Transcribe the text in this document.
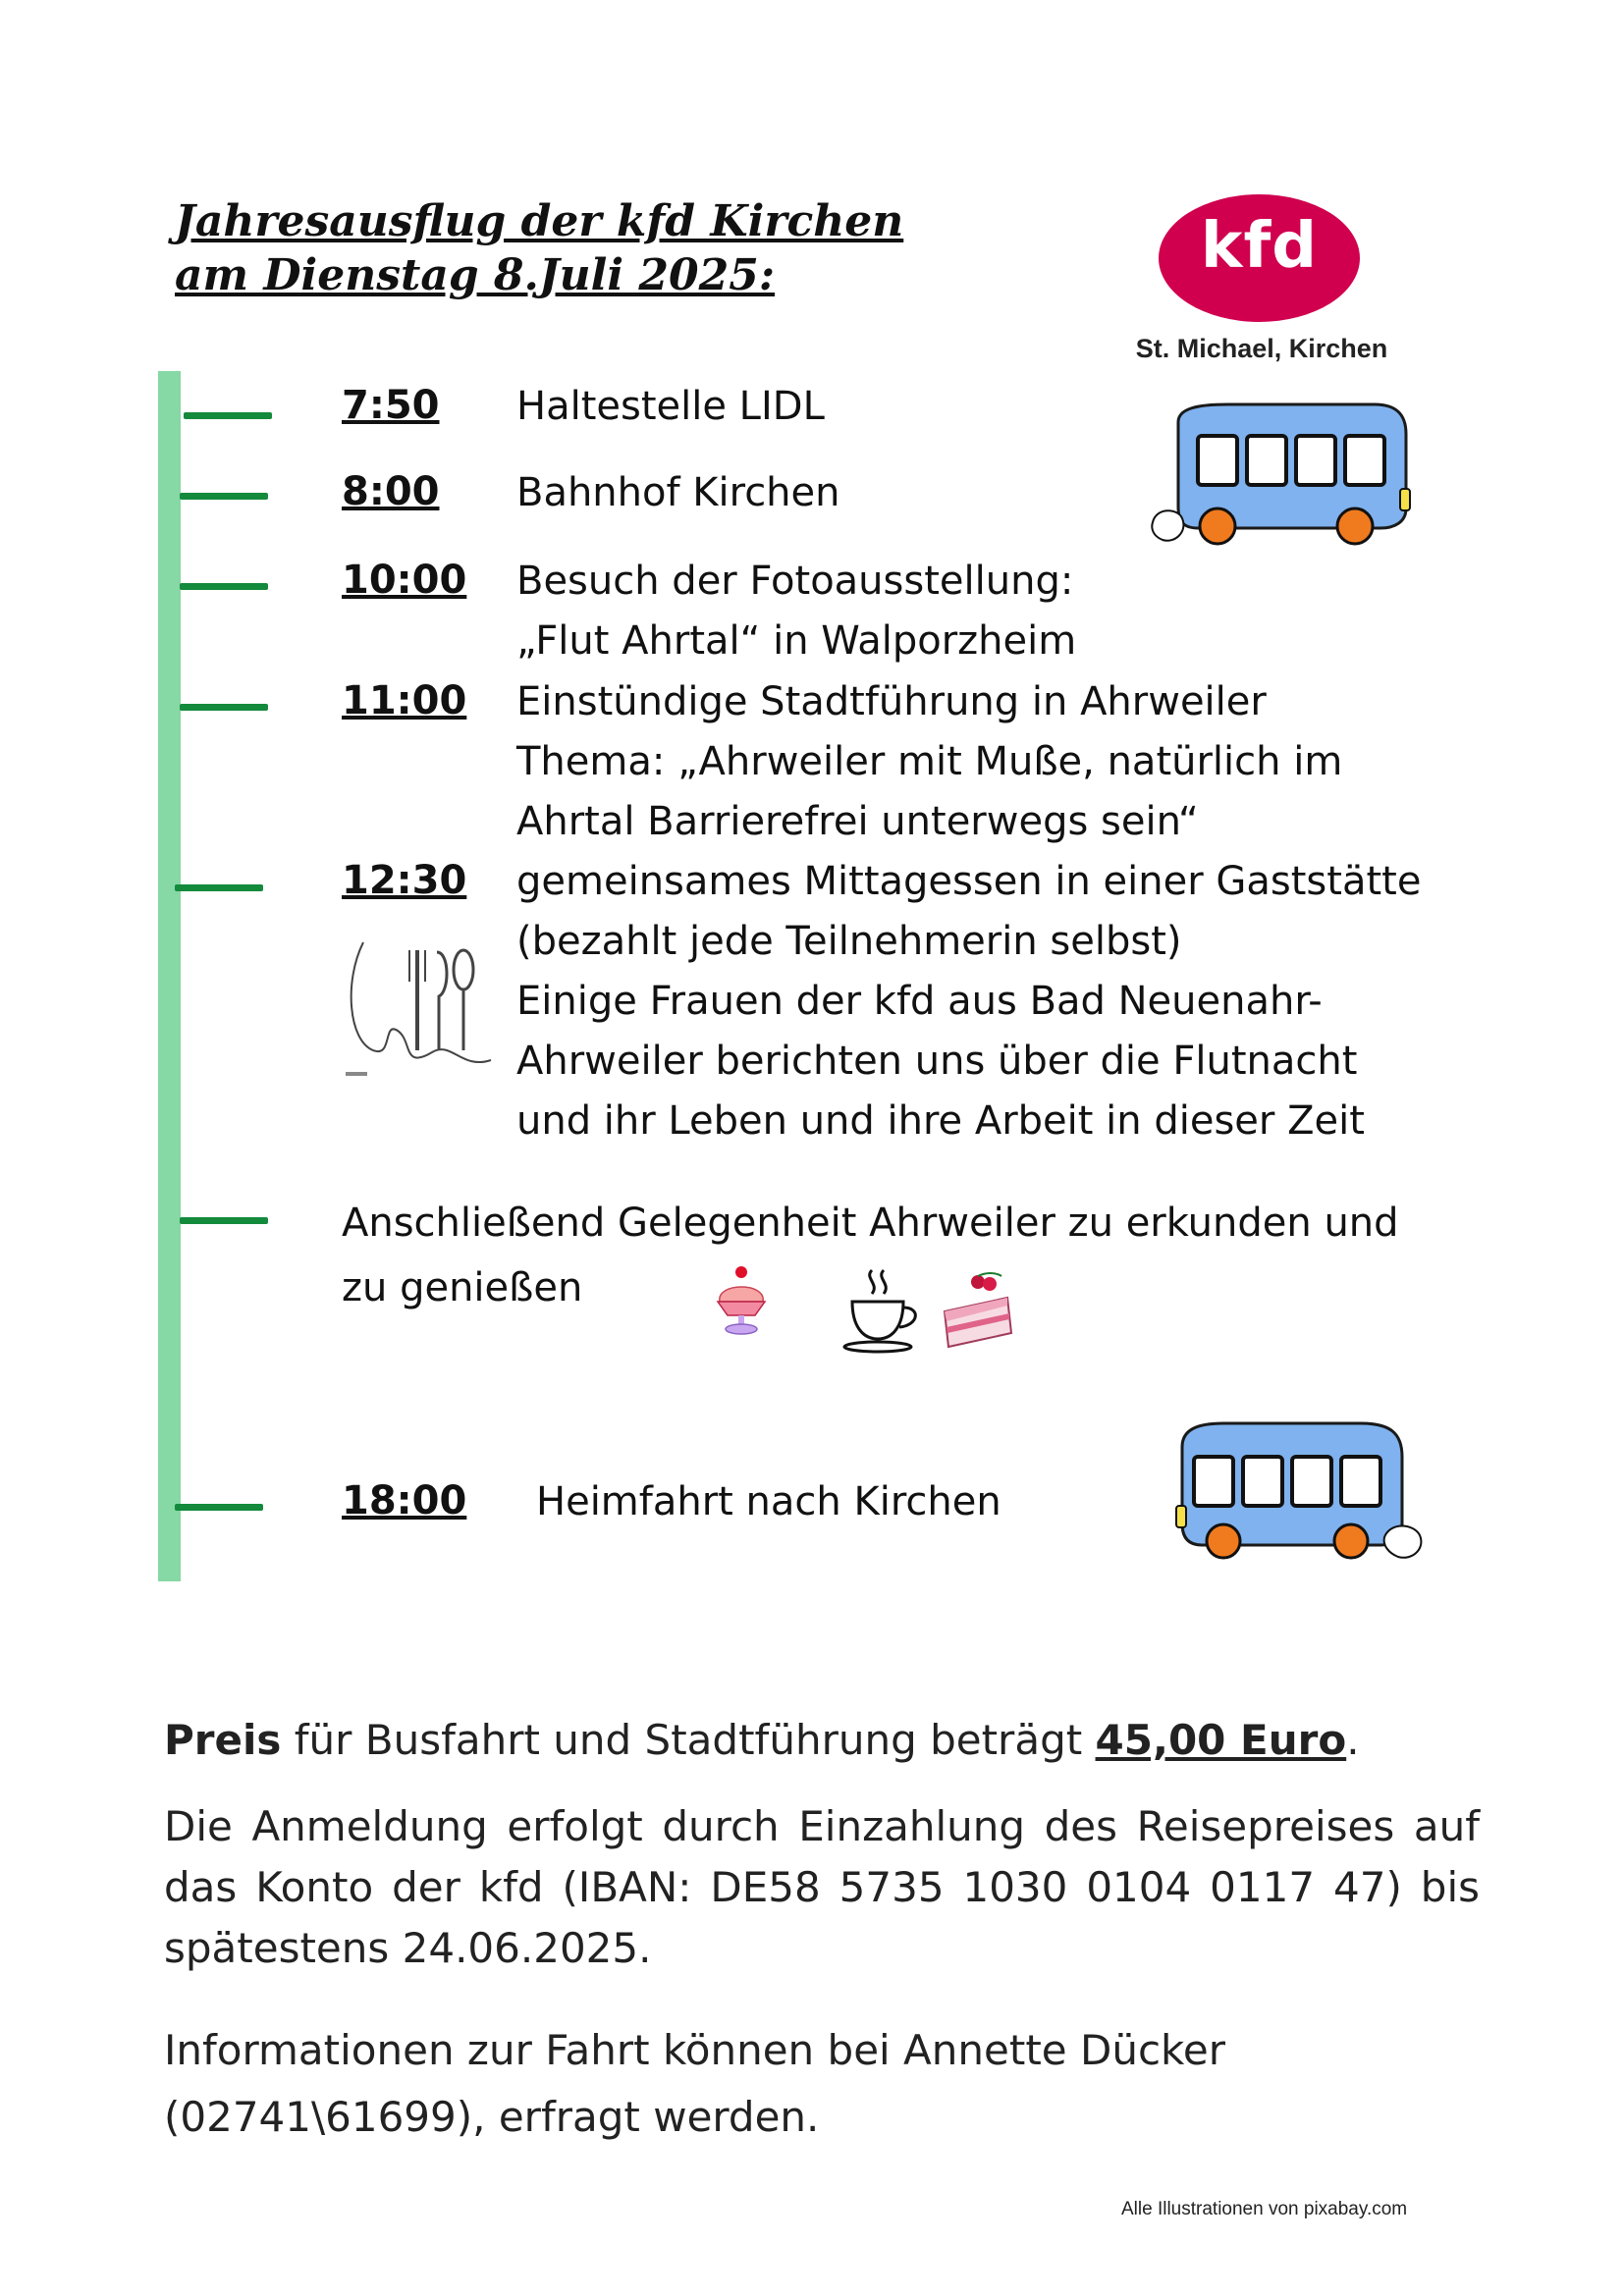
Jahresausflug der kfd Kirchen
am Dienstag 8.Juli 2025:	kfd
St. Michael, Kirchen
7:50 Haltestelle LIDL
8:00 Bahnhof Kirchen
10:00 Besuch der Fotoausstellung:
„Flut Ahrtal“ in Walporzheim
11:00 Einstündige Stadtführung in Ahrweiler
Thema: „Ahrweiler mit Muße, natürlich im
Ahrtal Barrierefrei unterwegs sein“
12:30 gemeinsames Mittagessen in einer Gaststätte
(bezahlt jede Teilnehmerin selbst)
Einige Frauen der kfd aus Bad Neuenahr-
Ahrweiler berichten uns über die Flutnacht
und ihr Leben und ihre Arbeit in dieser Zeit
Anschließend Gelegenheit Ahrweiler zu erkunden und
zu genießen
18:00 Heimfahrt nach Kirchen
Preis für Busfahrt und Stadtführung beträgt 45,00 Euro.
Die Anmeldung erfolgt durch Einzahlung des Reisepreises auf
das Konto der kfd (IBAN: DE58 5735 1030 0104 0117 47) bis
spätestens 24.06.2025.
Informationen zur Fahrt können bei Annette Dücker
(02741\61699), erfragt werden.
Alle Illustrationen von pixabay.com
